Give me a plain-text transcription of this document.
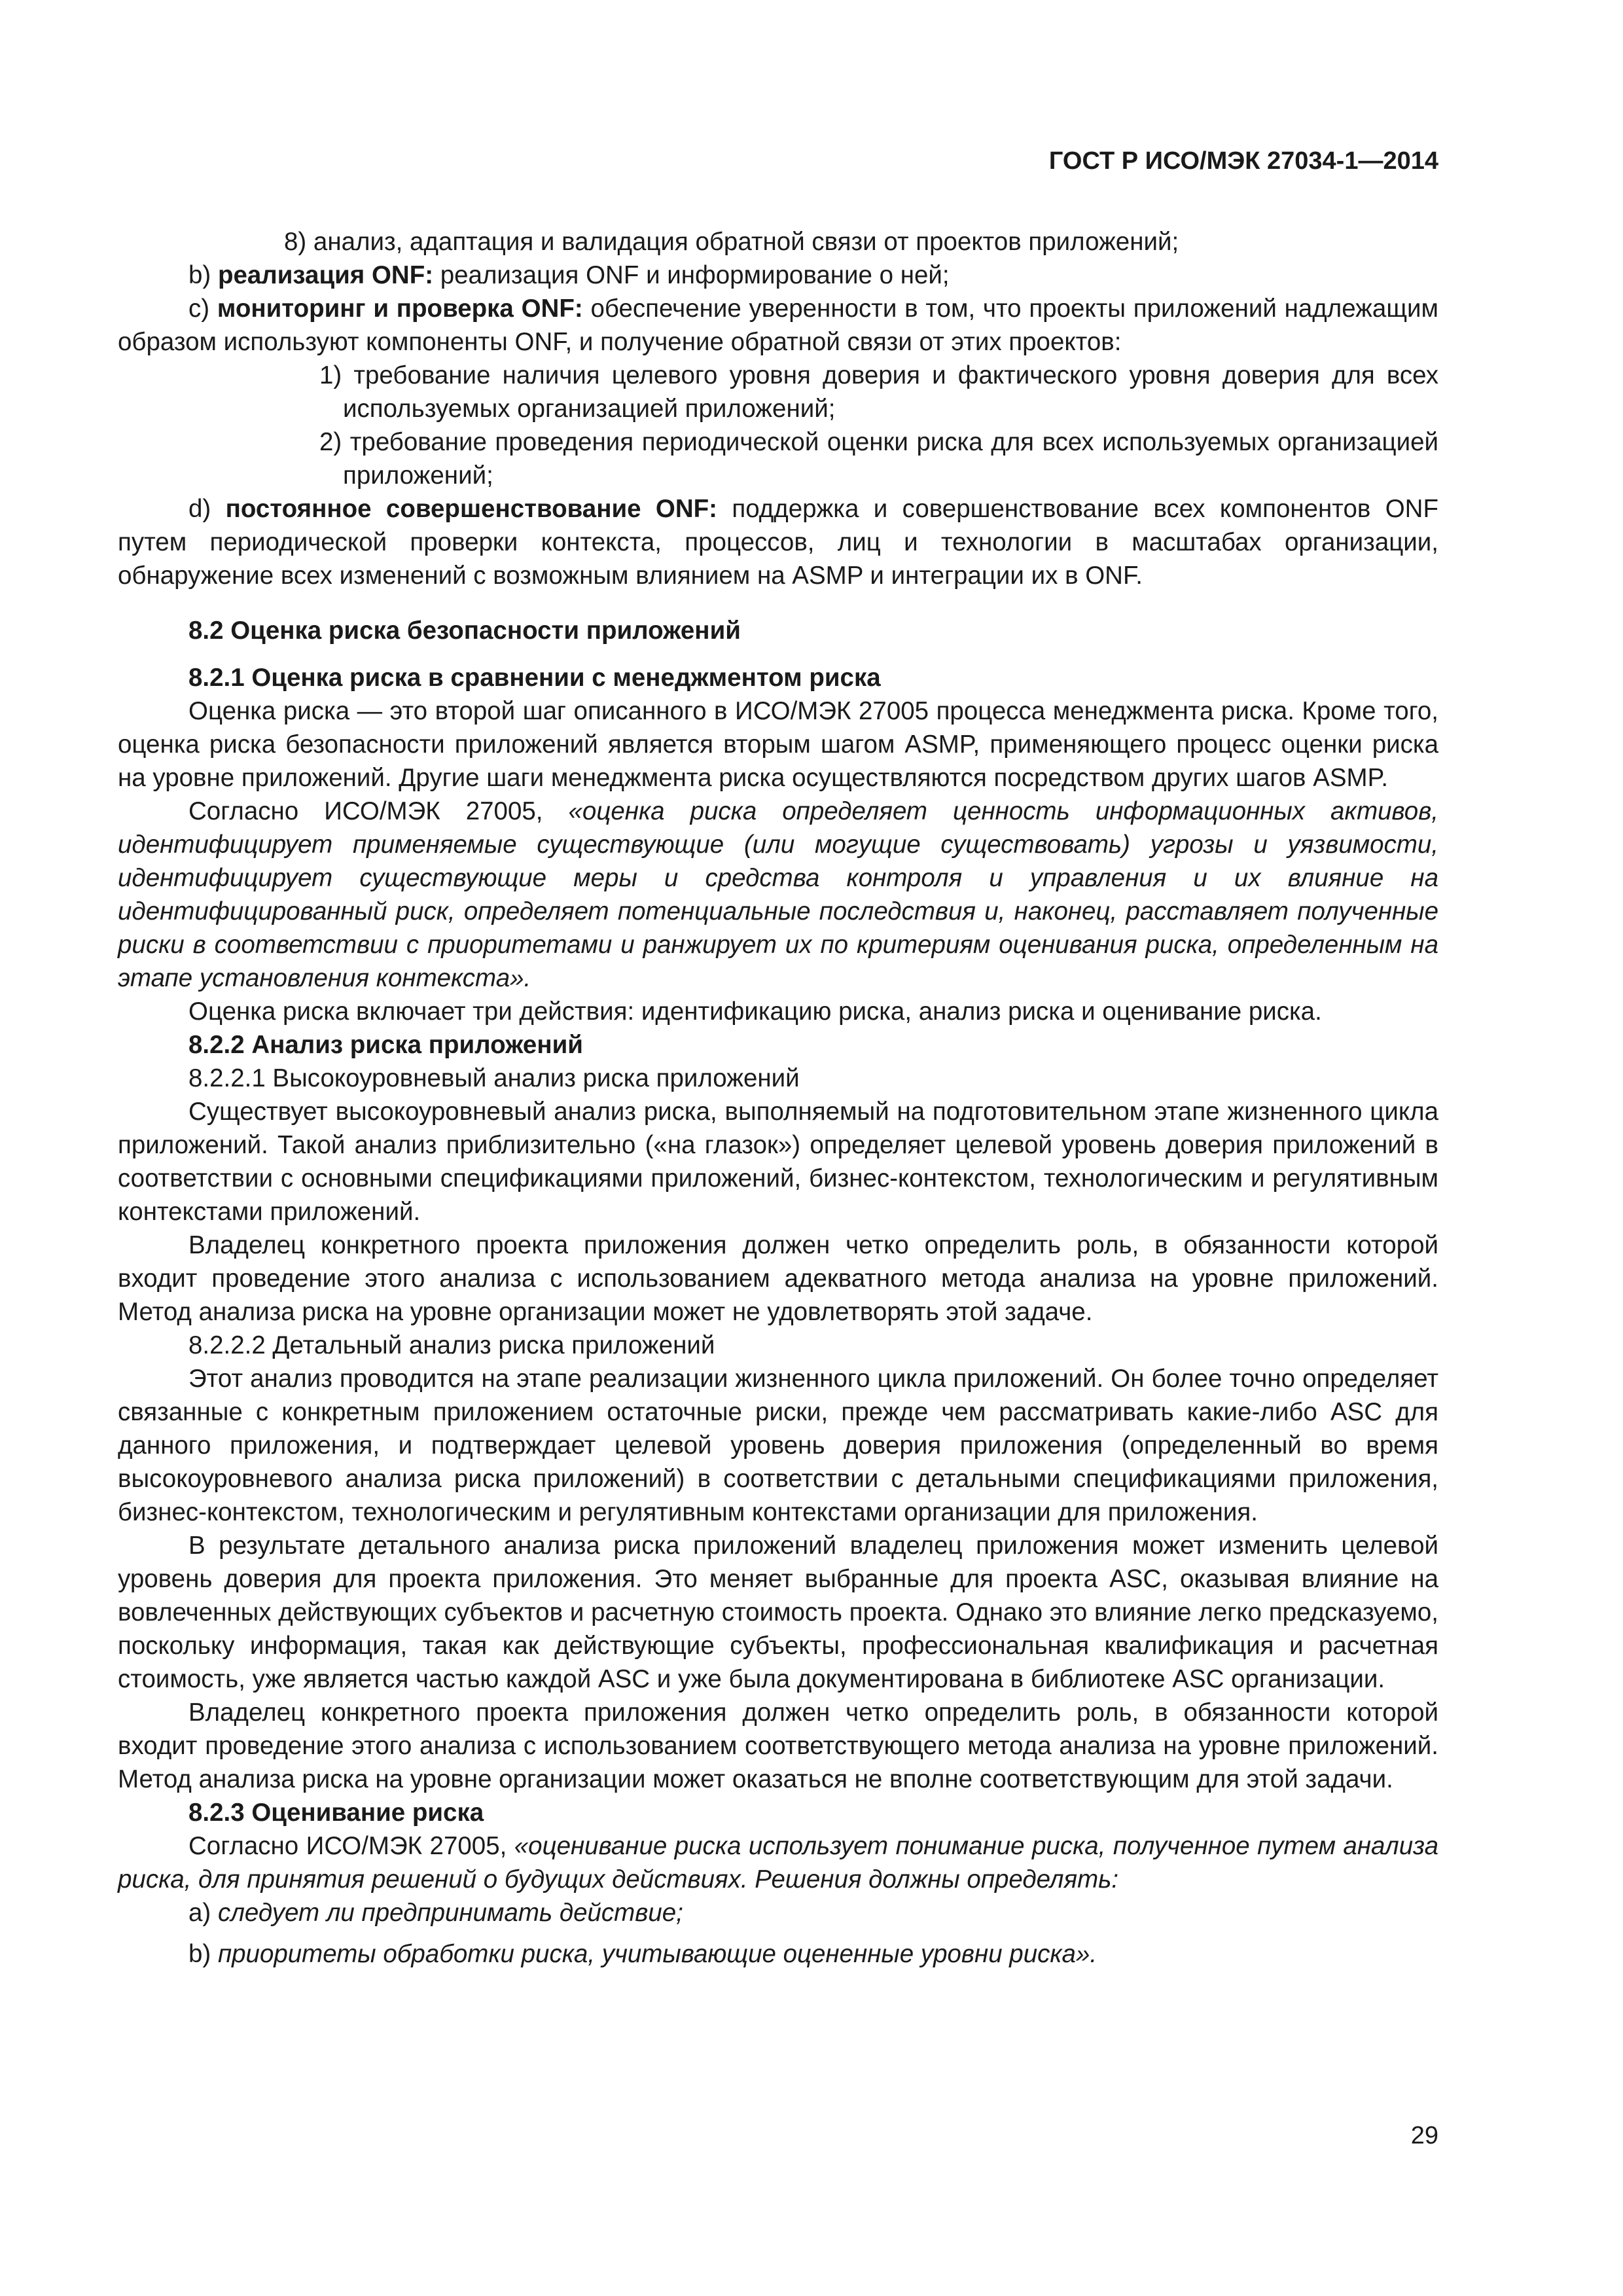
ГОСТ Р ИСО/МЭК 27034-1—2014

8) анализ, адаптация и валидация обратной связи от проектов приложений;

b) реализация ONF: реализация ONF и информирование о ней;

c) мониторинг и проверка ONF: обеспечение уверенности в том, что проекты приложений надлежащим образом используют компоненты ONF, и получение обратной связи от этих проектов:

1) требование наличия целевого уровня доверия и фактического уровня доверия для всех используемых организацией приложений;

2) требование проведения периодической оценки риска для всех используемых организацией приложений;

d) постоянное совершенствование ONF: поддержка и совершенствование всех компонентов ONF путем периодической проверки контекста, процессов, лиц и технологии в масштабах организации, обнаружение всех изменений с возможным влиянием на ASMP и интеграции их в ONF.

8.2 Оценка риска безопасности приложений

8.2.1 Оценка риска в сравнении с менеджментом риска

Оценка риска — это второй шаг описанного в ИСО/МЭК 27005 процесса менеджмента риска. Кроме того, оценка риска безопасности приложений является вторым шагом ASMP, применяющего процесс оценки риска на уровне приложений. Другие шаги менеджмента риска осуществляются посредством других шагов ASMP.

Согласно ИСО/МЭК 27005, «оценка риска определяет ценность информационных активов, идентифицирует применяемые существующие (или могущие существовать) угрозы и уязвимости, идентифицирует существующие меры и средства контроля и управления и их влияние на идентифицированный риск, определяет потенциальные последствия и, наконец, расставляет полученные риски в соответствии с приоритетами и ранжирует их по критериям оценивания риска, определенным на этапе установления контекста».

Оценка риска включает три действия: идентификацию риска, анализ риска и оценивание риска.

8.2.2 Анализ риска приложений

8.2.2.1 Высокоуровневый анализ риска приложений

Существует высокоуровневый анализ риска, выполняемый на подготовительном этапе жизненного цикла приложений. Такой анализ приблизительно («на глазок») определяет целевой уровень доверия приложений в соответствии с основными спецификациями приложений, бизнес-контекстом, технологическим и регулятивным контекстами приложений.

Владелец конкретного проекта приложения должен четко определить роль, в обязанности которой входит проведение этого анализа с использованием адекватного метода анализа на уровне приложений. Метод анализа риска на уровне организации может не удовлетворять этой задаче.

8.2.2.2 Детальный анализ риска приложений

Этот анализ проводится на этапе реализации жизненного цикла приложений. Он более точно определяет связанные с конкретным приложением остаточные риски, прежде чем рассматривать какие-либо ASC для данного приложения, и подтверждает целевой уровень доверия приложения (определенный во время высокоуровневого анализа риска приложений) в соответствии с детальными спецификациями приложения, бизнес-контекстом, технологическим и регулятивным контекстами организации для приложения.

В результате детального анализа риска приложений владелец приложения может изменить целевой уровень доверия для проекта приложения. Это меняет выбранные для проекта ASC, оказывая влияние на вовлеченных действующих субъектов и расчетную стоимость проекта. Однако это влияние легко предсказуемо, поскольку информация, такая как действующие субъекты, профессиональная квалификация и расчетная стоимость, уже является частью каждой ASC и уже была документирована в библиотеке ASC организации.

Владелец конкретного проекта приложения должен четко определить роль, в обязанности которой входит проведение этого анализа с использованием соответствующего метода анализа на уровне приложений. Метод анализа риска на уровне организации может оказаться не вполне соответствующим для этой задачи.

8.2.3 Оценивание риска

Согласно ИСО/МЭК 27005, «оценивание риска использует понимание риска, полученное путем анализа риска, для принятия решений о будущих действиях. Решения должны определять:

a) следует ли предпринимать действие;

b) приоритеты обработки риска, учитывающие оцененные уровни риска».

29
